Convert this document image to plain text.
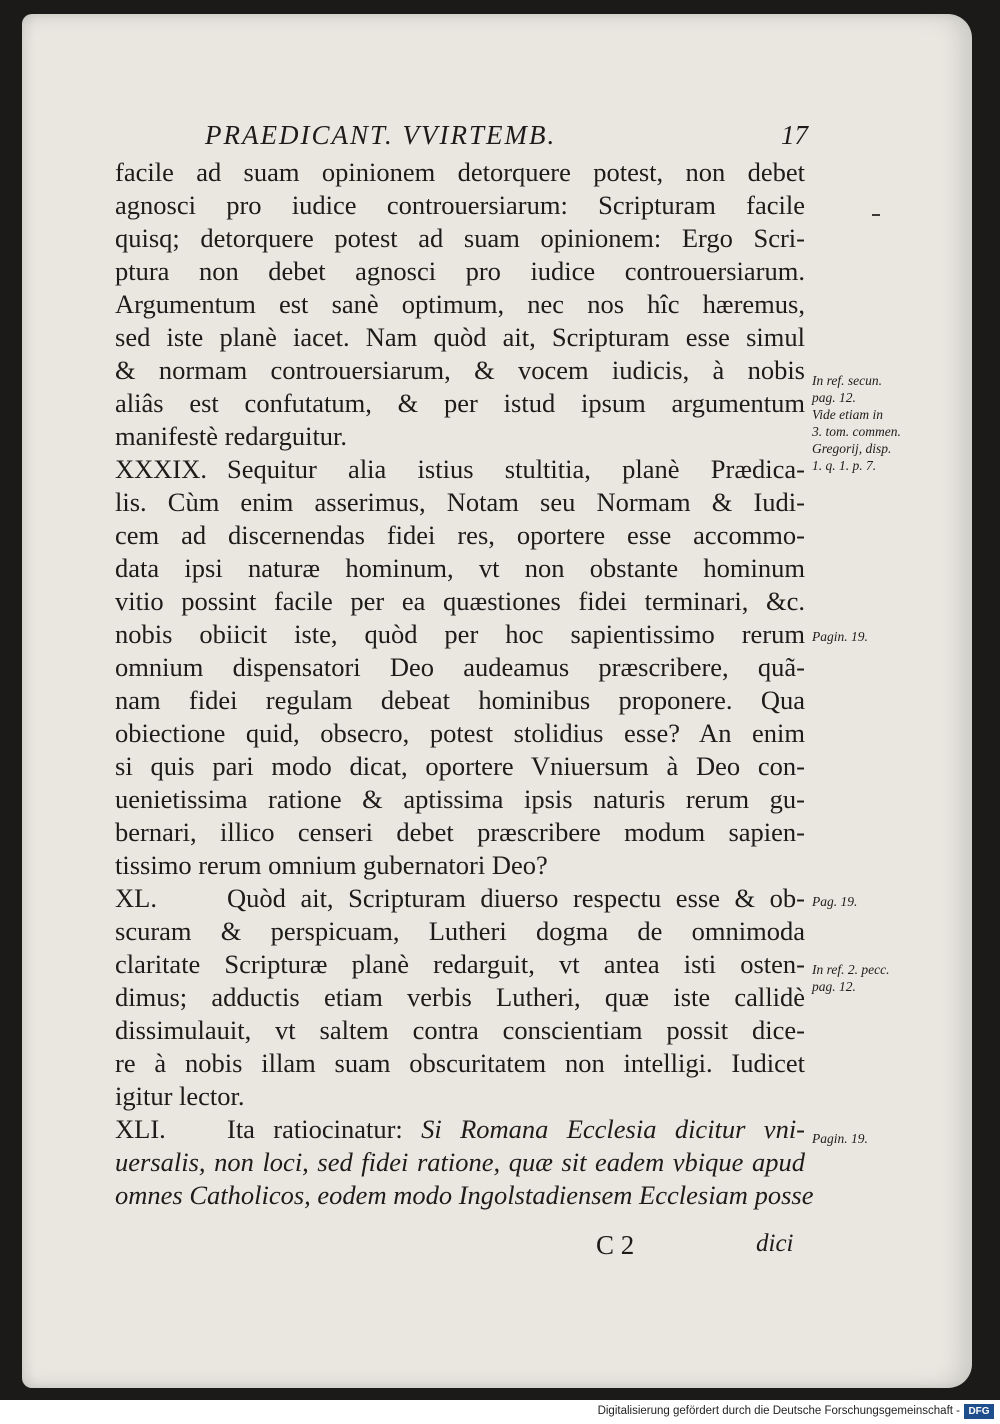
PRAEDICANT. VVIRTEMB.	17
facile ad suam opinionem detorquere potest, non debet
agnosci pro iudice controuersiarum: Scripturam facile
quisq; detorquere potest ad suam opinionem: Ergo Scri-
ptura non debet agnosci pro iudice controuersiarum.
Argumentum est sanè optimum, nec nos hîc hæremus,
sed iste planè iacet. Nam quòd ait, Scripturam esse simul
& normam controuersiarum, & vocem iudicis, à nobis
aliâs est confutatum, & per istud ipsum argumentum
manifestè redarguitur.
XXXIX. Sequitur alia istius stultitia, planè Prædica-
lis. Cùm enim asserimus, Notam seu Normam & Iudi-
cem ad discernendas fidei res, oportere esse accommo-
data ipsi naturæ hominum, vt non obstante hominum
vitio possint facile per ea quæstiones fidei terminari, &c.
nobis obiicit iste, quòd per hoc sapientissimo rerum
omnium dispensatori Deo audeamus præscribere, quã-
nam fidei regulam debeat hominibus proponere. Qua
obiectione quid, obsecro, potest stolidius esse? An enim
si quis pari modo dicat, oportere Vniuersum à Deo con-
uenietissima ratione & aptissima ipsis naturis rerum gu-
bernari, illico censeri debet præscribere modum sapien-
tissimo rerum omnium gubernatori Deo?
XL.	Quòd ait, Scripturam diuerso respectu esse & ob-
scuram & perspicuam, Lutheri dogma de omnimoda
claritate Scripturæ planè redarguit, vt antea isti osten-
dimus; adductis etiam verbis Lutheri, quæ iste callidè
dissimulauit, vt saltem contra conscientiam possit dice-
re à nobis illam suam obscuritatem non intelligi. Iudicet
igitur lector.
XLI. Ita ratiocinatur: Si Romana Ecclesia dicitur vni-
uersalis, non loci, sed fidei ratione, quæ sit eadem vbique apud
omnes Catholicos, eodem modo Ingolstadiensem Ecclesiam posse
In ref. secun.
pag. 12.
Vide etiam in
3. tom. commen.
Gregorij, disp.
1. q. 1. p. 7.
Pagin. 19.
Pag. 19.
In ref. 2. pecc.
pag. 12.
Pagin. 19.
C 2	dici
Digitalisierung gefördert durch die Deutsche Forschungsgemeinschaft - DFG
